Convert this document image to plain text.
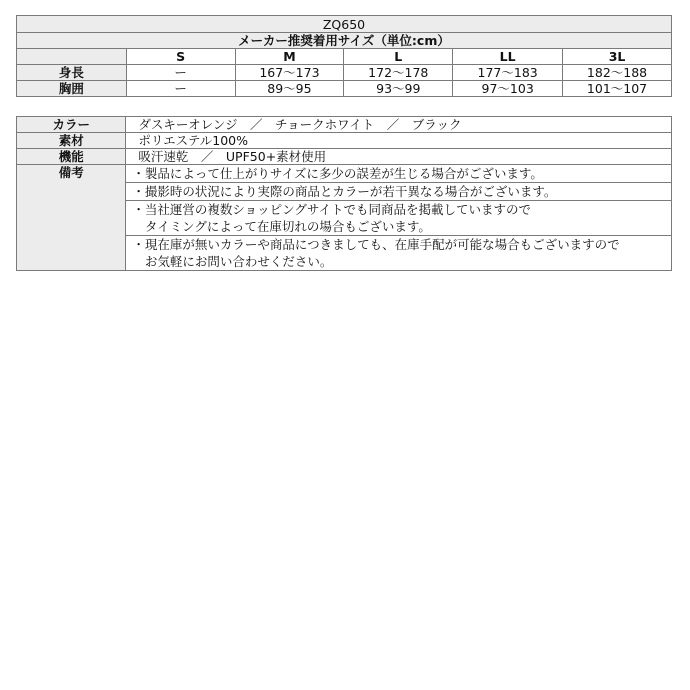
ZQ650					
メーカー推奨着用サイズ（単位:cm）					
	S	M	L	LL	3L
身長	ー	167〜173	172〜178	177〜183	182〜188
胸囲	ー	89〜95	93〜99	97〜103	101〜107
カラー	ダスキーオレンジ　／　チョークホワイト　／　ブラック
素材	ポリエステル100%
機能	吸汗速乾　／　UPF50+素材使用
備考	・製品によって仕上がりサイズに多少の誤差が生じる場合がございます。

	・撮影時の状況により実際の商品とカラーが若干異なる場合がございます。

	・当社運営の複数ショッピングサイトでも同商品を掲載していますので
　タイミングによって在庫切れの場合もございます。

	・現在庫が無いカラーや商品につきましても、在庫手配が可能な場合もございますので
　お気軽にお問い合わせください。
